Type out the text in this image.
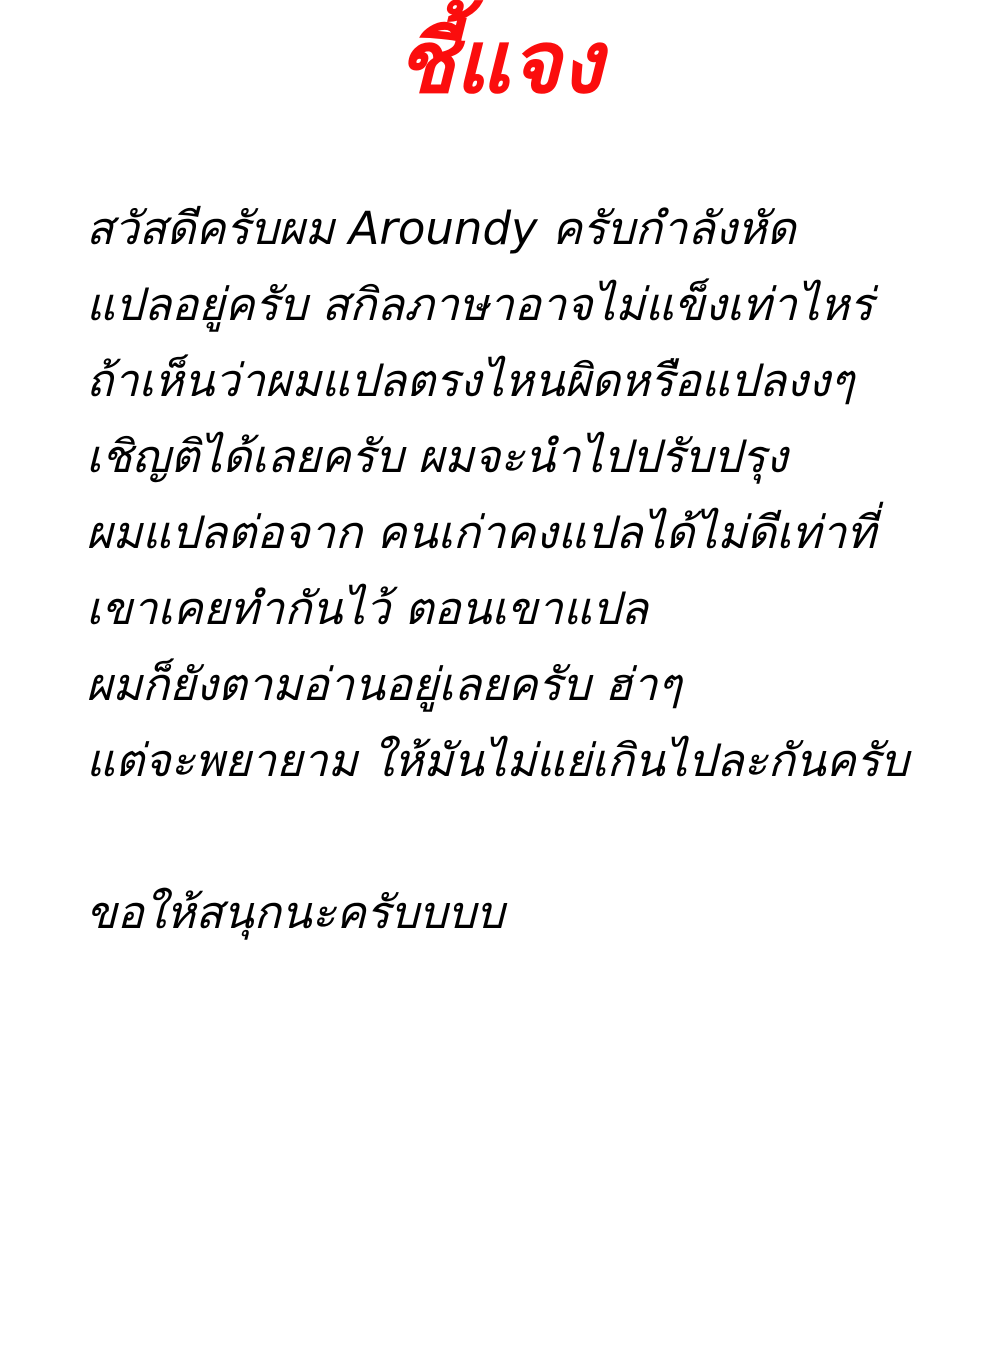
ชี้แจง
สวัสดีครับผม Aroundy ครับกำลังหัด
แปลอยู่ครับ สกิลภาษาอาจไม่แข็งเท่าไหร่
ถ้าเห็นว่าผมแปลตรงไหนผิดหรือแปลงงๆ
เชิญติได้เลยครับ ผมจะนำไปปรับปรุง
ผมแปลต่อจาก คนเก่าคงแปลได้ไม่ดีเท่าที่
เขาเคยทำกันไว้ ตอนเขาแปล
ผมก็ยังตามอ่านอยู่เลยครับ ฮ่าๆ
แต่จะพยายาม ให้มันไม่แย่เกินไปละกันครับ
ขอให้สนุกนะครับบบบ
